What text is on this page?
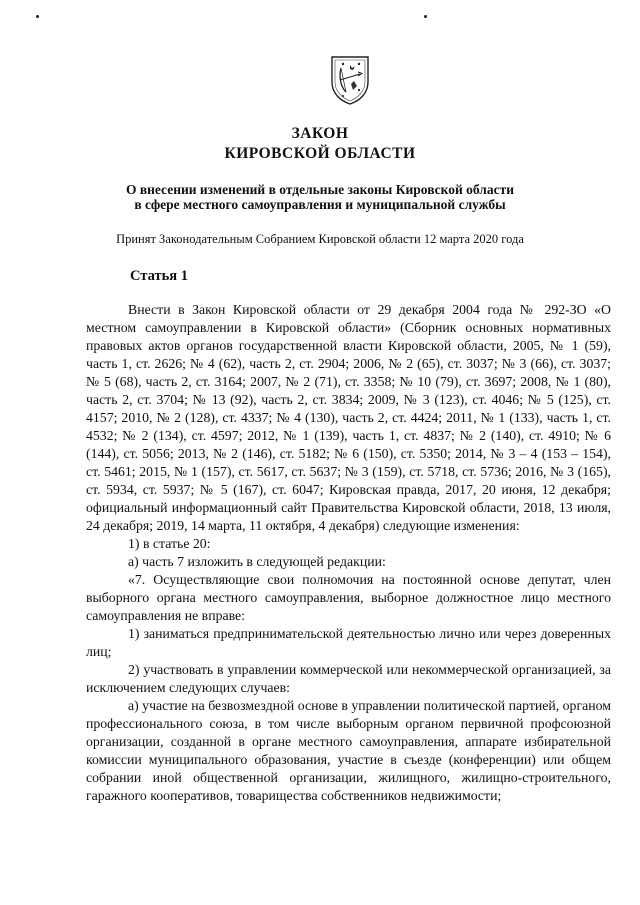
ЗАКОН
КИРОВСКОЙ ОБЛАСТИ
О внесении изменений в отдельные законы Кировской области
в сфере местного самоуправления и муниципальной службы
Принят Законодательным Собранием Кировской области 12 марта 2020 года
Статья 1

Внести в Закон Кировской области от 29 декабря 2004 года № 292-ЗО «О местном самоуправлении в Кировской области» (Сборник основных нормативных правовых актов органов государственной власти Кировской области, 2005, № 1 (59), часть 1, ст. 2626; № 4 (62), часть 2, ст. 2904; 2006, № 2 (65), ст. 3037; № 3 (66), ст. 3037; № 5 (68), часть 2, ст. 3164; 2007, № 2 (71), ст. 3358; № 10 (79), ст. 3697; 2008, № 1 (80), часть 2, ст. 3704; № 13 (92), часть 2, ст. 3834; 2009, № 3 (123), ст. 4046; № 5 (125), ст. 4157; 2010, № 2 (128), ст. 4337; № 4 (130), часть 2, ст. 4424; 2011, № 1 (133), часть 1, ст. 4532; № 2 (134), ст. 4597; 2012, № 1 (139), часть 1, ст. 4837; № 2 (140), ст. 4910; № 6 (144), ст. 5056; 2013, № 2 (146), ст. 5182; № 6 (150), ст. 5350; 2014, № 3 – 4 (153 – 154), ст. 5461; 2015, № 1 (157), ст. 5617, ст. 5637; № 3 (159), ст. 5718, ст. 5736; 2016, № 3 (165), ст. 5934, ст. 5937; № 5 (167), ст. 6047; Кировская правда, 2017, 20 июня, 12 декабря; официальный информационный сайт Правительства Кировской области, 2018, 13 июля, 24 декабря; 2019, 14 марта, 11 октября, 4 декабря) следующие изменения:

1) в статье 20:

а) часть 7 изложить в следующей редакции:

«7. Осуществляющие свои полномочия на постоянной основе депутат, член выборного органа местного самоуправления, выборное должностное лицо местного самоуправления не вправе:

1) заниматься предпринимательской деятельностью лично или через доверенных лиц;

2) участвовать в управлении коммерческой или некоммерческой организацией, за исключением следующих случаев:

а) участие на безвозмездной основе в управлении политической партией, органом профессионального союза, в том числе выборным органом первичной профсоюзной организации, созданной в органе местного самоуправления, аппарате избирательной комиссии муниципального образования, участие в съезде (конференции) или общем собрании иной общественной организации, жилищного, жилищно-строительного, гаражного кооперативов, товарищества собственников недвижимости;
